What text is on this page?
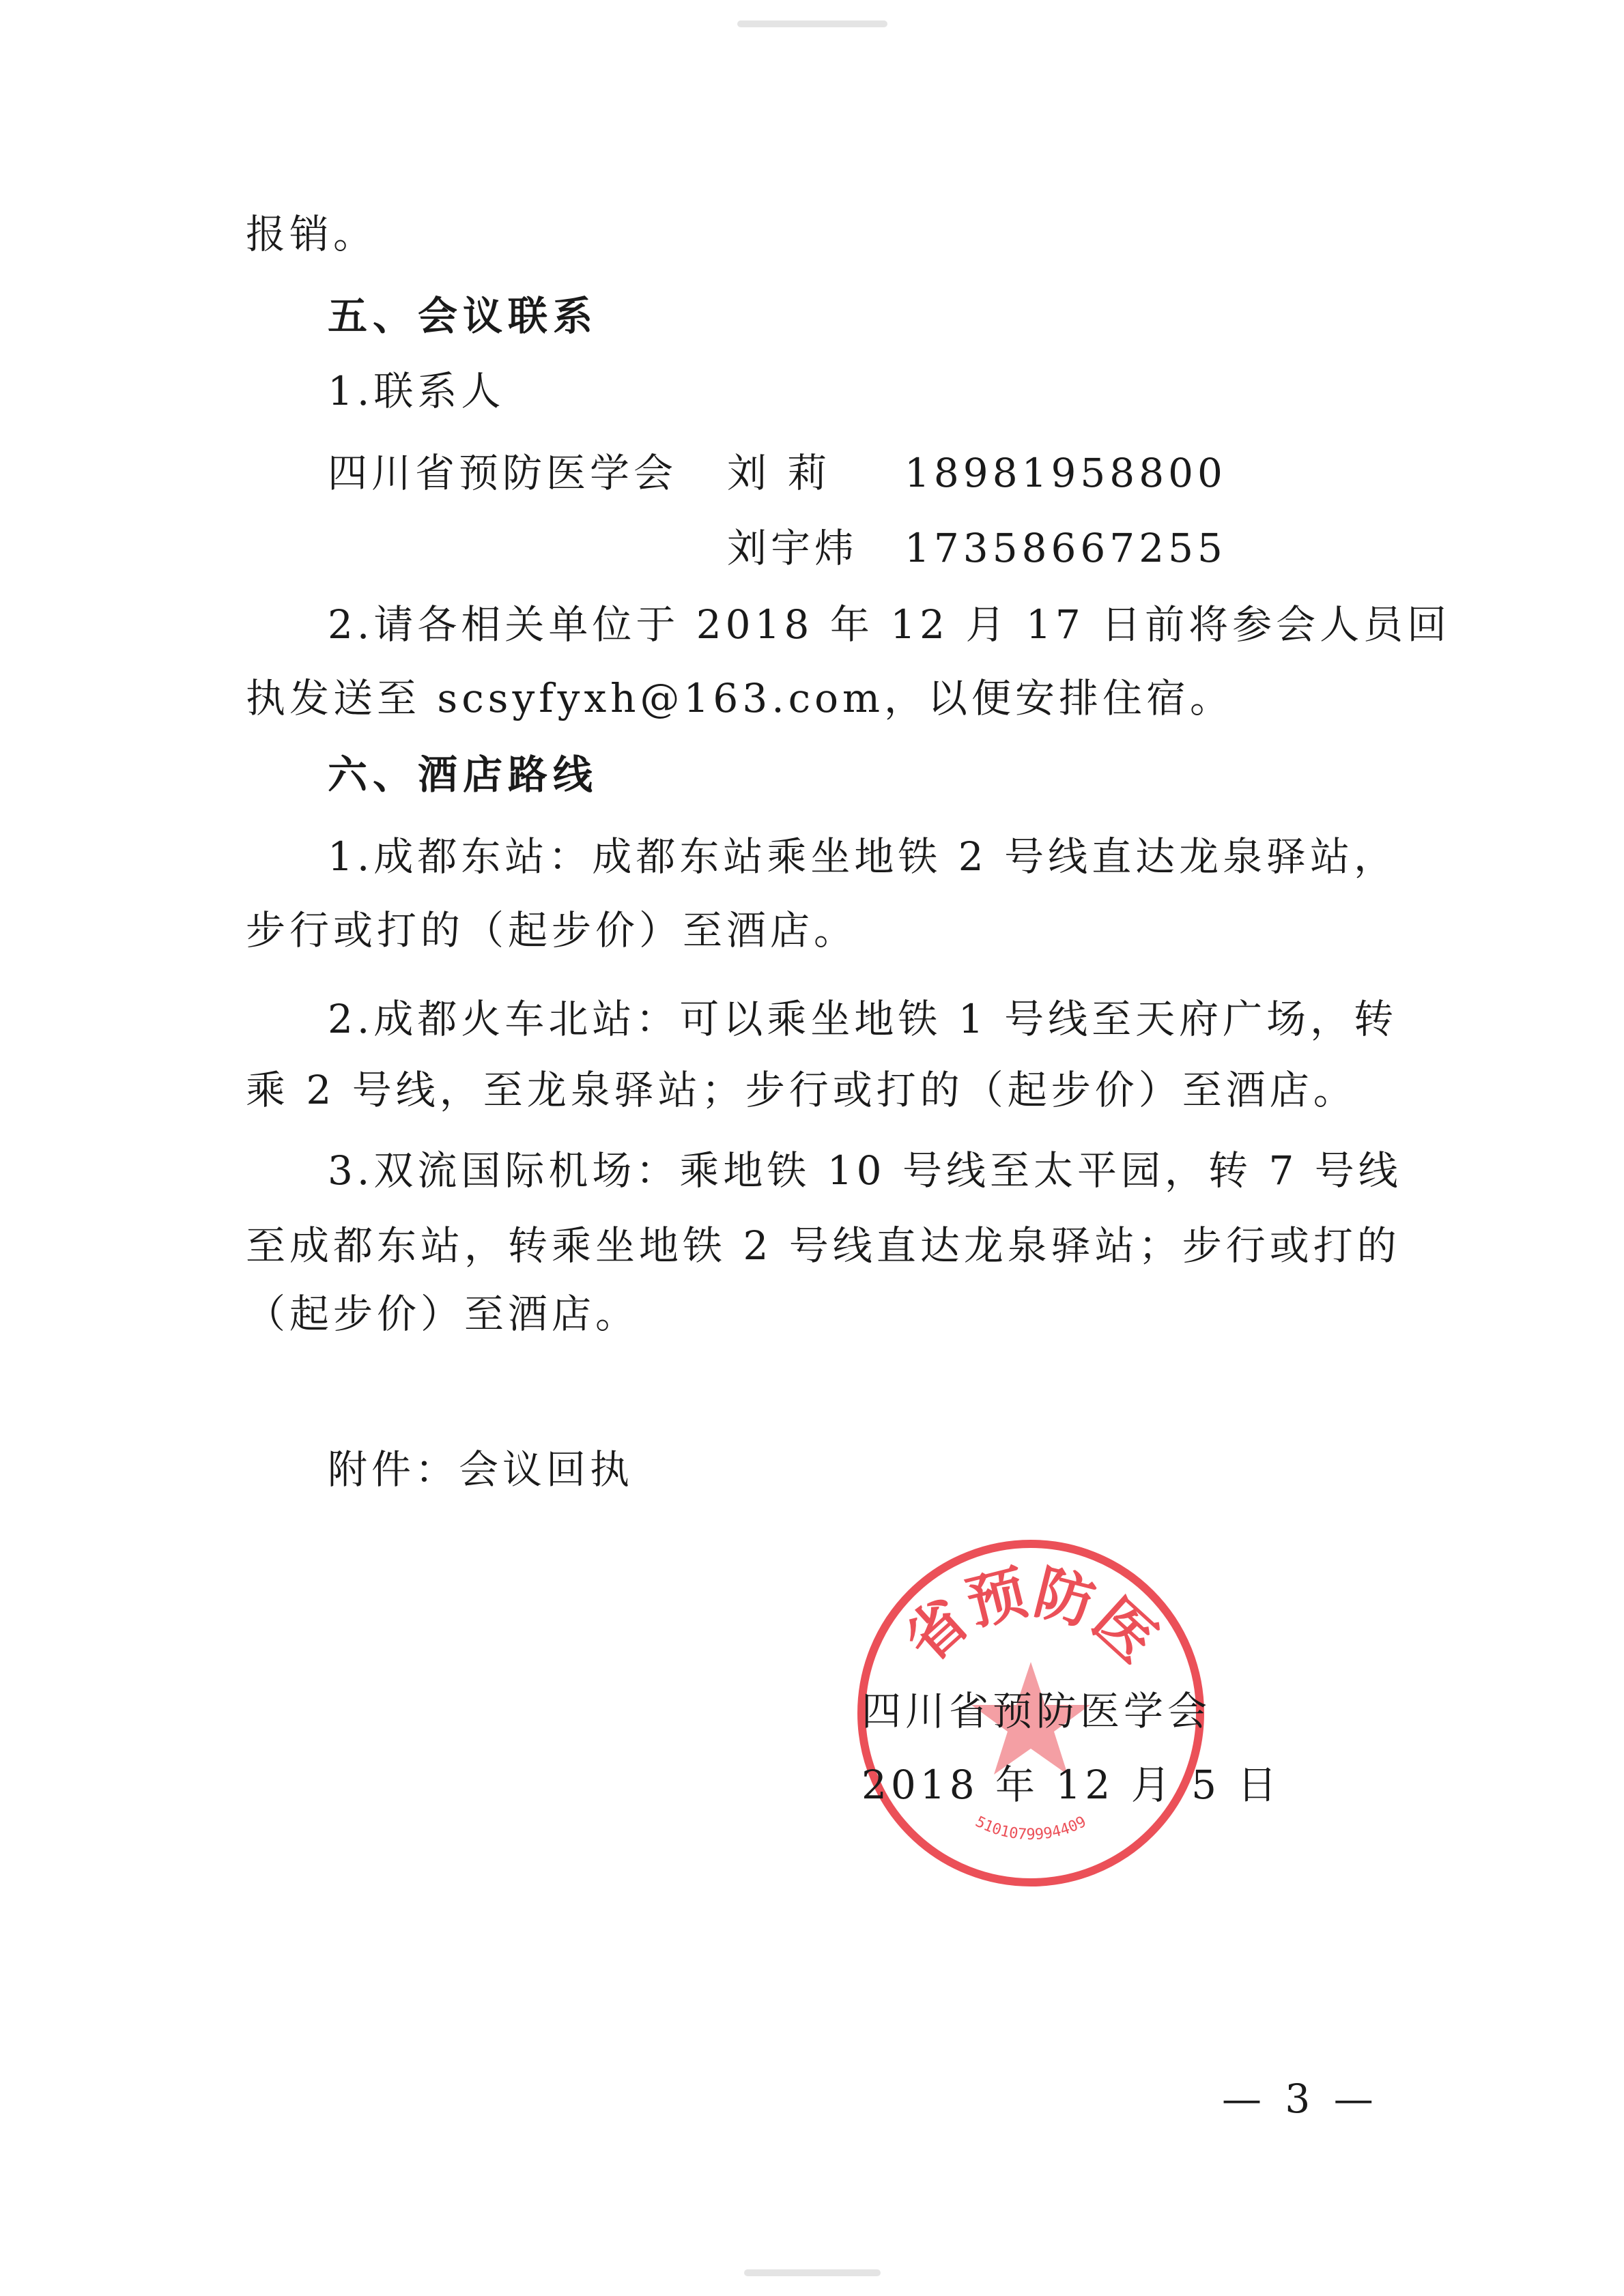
报销。
五、会议联系
1.联系人
四川省预防医学会 刘 莉 18981958800
刘宇炜 17358667255
2.请各相关单位于 2018 年 12 月 17 日前将参会人员回
执发送至 scsyfyxh@163.com，以便安排住宿。
六、酒店路线
1.成都东站：成都东站乘坐地铁 2 号线直达龙泉驿站，
步行或打的（起步价）至酒店。
2.成都火车北站：可以乘坐地铁 1 号线至天府广场，转
乘 2 号线，至龙泉驿站；步行或打的（起步价）至酒店。
3.双流国际机场：乘地铁 10 号线至太平园，转 7 号线
至成都东站，转乘坐地铁 2 号线直达龙泉驿站；步行或打的
（起步价）至酒店。
附件：会议回执
省预防医
5101079994409
四川省预防医学会
2018 年 12 月 5 日
— 3 —
